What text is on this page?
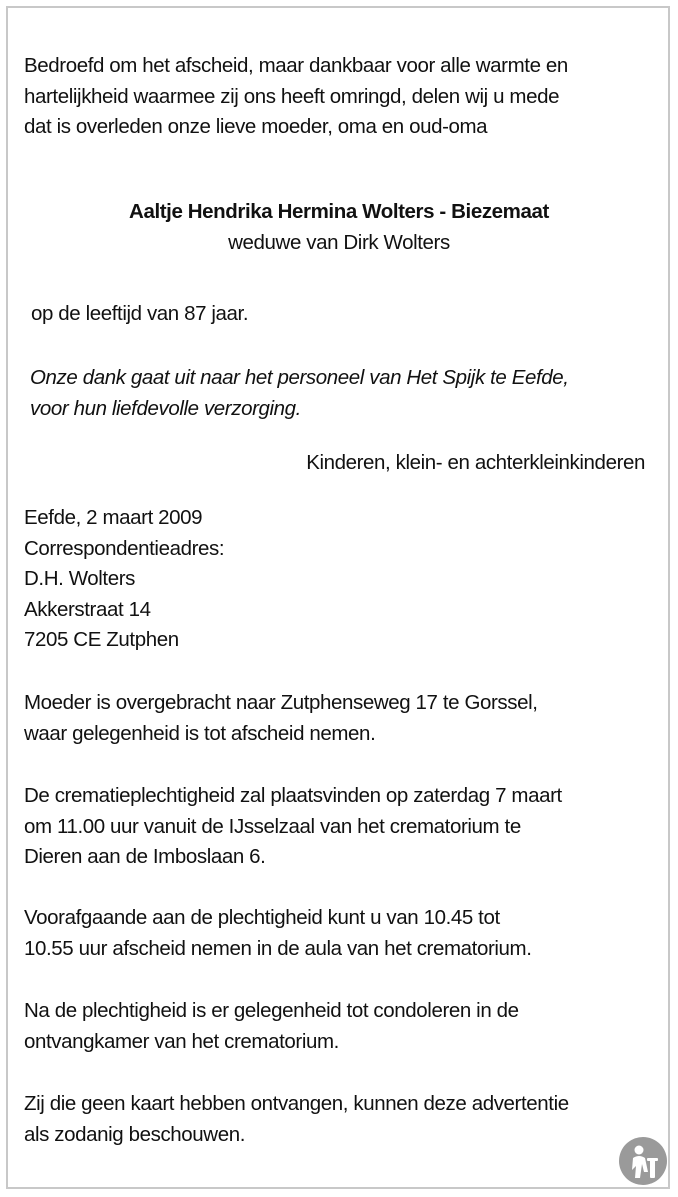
Bedroefd om het afscheid, maar dankbaar voor alle warmte en

hartelijkheid waarmee zij ons heeft omringd, delen wij u mede

dat is overleden onze lieve moeder, oma en oud-oma

Aaltje Hendrika Hermina Wolters - Biezemaat

weduwe van Dirk Wolters

op de leeftijd van 87 jaar.

Onze dank gaat uit naar het personeel van Het Spijk te Eefde,

voor hun liefdevolle verzorging.

Kinderen, klein- en achterkleinkinderen

Eefde, 2 maart 2009

Correspondentieadres:

D.H. Wolters

Akkerstraat 14

7205 CE Zutphen

Moeder is overgebracht naar Zutphenseweg 17 te Gorssel,

waar gelegenheid is tot afscheid nemen.

De crematieplechtigheid zal plaatsvinden op zaterdag 7 maart

om 11.00 uur vanuit de IJsselzaal van het crematorium te

Dieren aan de Imboslaan 6.

Voorafgaande aan de plechtigheid kunt u van 10.45 tot

10.55 uur afscheid nemen in de aula van het crematorium.

Na de plechtigheid is er gelegenheid tot condoleren in de

ontvangkamer van het crematorium.

Zij die geen kaart hebben ontvangen, kunnen deze advertentie

als zodanig beschouwen.
